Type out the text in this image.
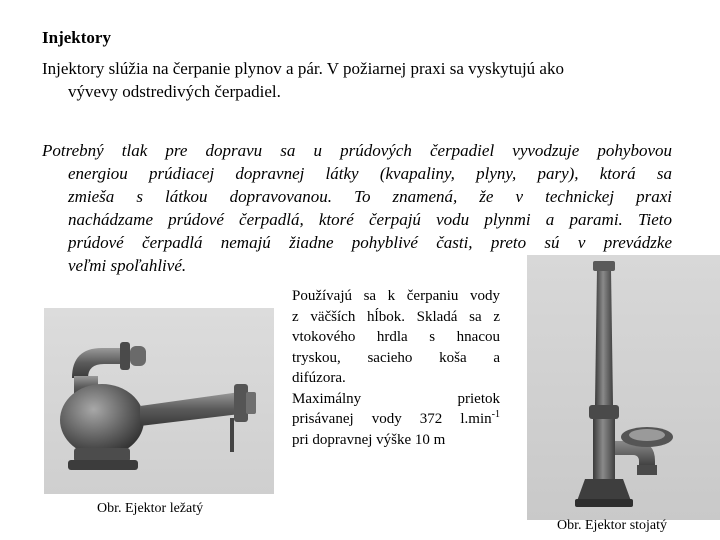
Injektory

Injektory slúžia na čerpanie plynov a pár. V požiarnej praxi sa vyskytujú ako
vývevy odstredivých čerpadiel.

Potrebný tlak pre dopravu sa u prúdových čerpadiel vyvodzuje pohybovou
energiou prúdiacej dopravnej látky (kvapaliny, plyny, pary), ktorá sa
zmieša s látkou dopravovanou. To znamená, že v technickej praxi
nachádzame prúdové čerpadlá, ktoré čerpajú vodu plynmi a parami. Tieto
prúdové čerpadlá nemajú žiadne pohyblivé časti, preto sú v prevádzke
veľmi spoľahlivé.

Používajú sa k čerpaniu vody
z väčších hĺbok. Skladá sa z
vtokového hrdla s hnacou
tryskou, sacieho koša a
difúzora.
Maximálny prietok
prisávanej vody 372 $l.\min^{-1}$
pri dopravnej výške 10 m

Obr. Ejektor ležatý
Obr. Ejektor stojatý
